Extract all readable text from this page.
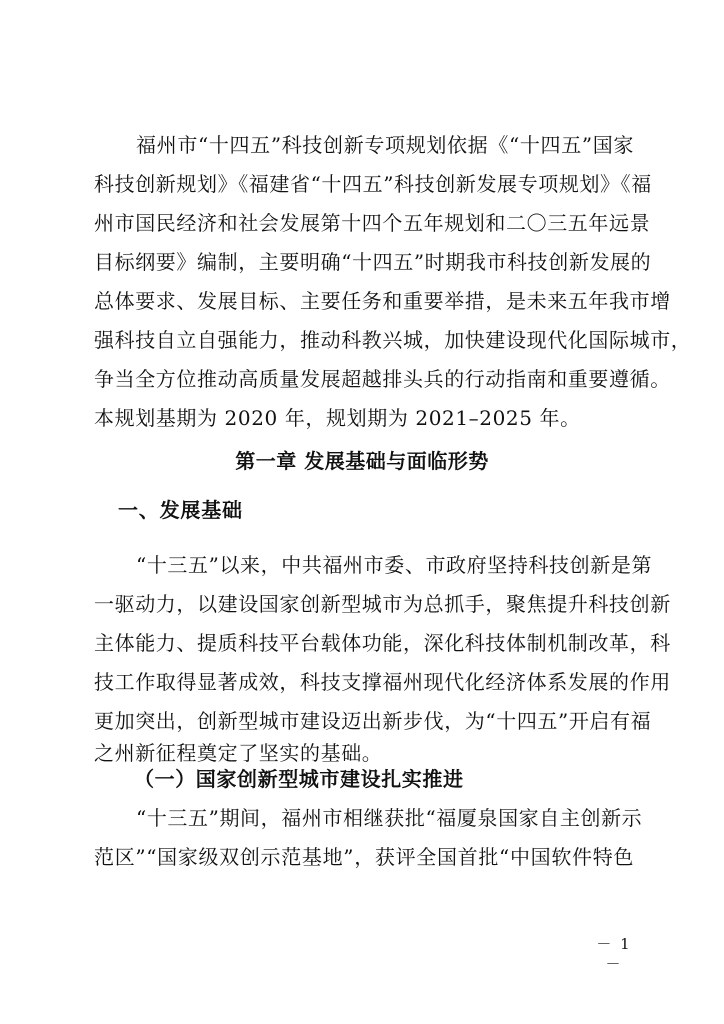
福州市“十四五”科技创新专项规划依据《“十四五”国家
科技创新规划》《福建省“十四五”科技创新发展专项规划》《福
州市国民经济和社会发展第十四个五年规划和二〇三五年远景
目标纲要》编制，主要明确“十四五”时期我市科技创新发展的
总体要求、发展目标、主要任务和重要举措，是未来五年我市增
强科技自立自强能力，推动科教兴城，加快建设现代化国际城市，
争当全方位推动高质量发展超越排头兵的行动指南和重要遵循。
本规划基期为 2020 年，规划期为 2021–2025 年。
第一章 发展基础与面临形势
一、发展基础
“十三五”以来，中共福州市委、市政府坚持科技创新是第
一驱动力，以建设国家创新型城市为总抓手，聚焦提升科技创新
主体能力、提质科技平台载体功能，深化科技体制机制改革，科
技工作取得显著成效，科技支撑福州现代化经济体系发展的作用
更加突出，创新型城市建设迈出新步伐，为“十四五”开启有福
之州新征程奠定了坚实的基础。
（一）国家创新型城市建设扎实推进
“十三五”期间，福州市相继获批“福厦泉国家自主创新示
范区”“国家级双创示范基地”，获评全国首批“中国软件特色
－ 1 －
